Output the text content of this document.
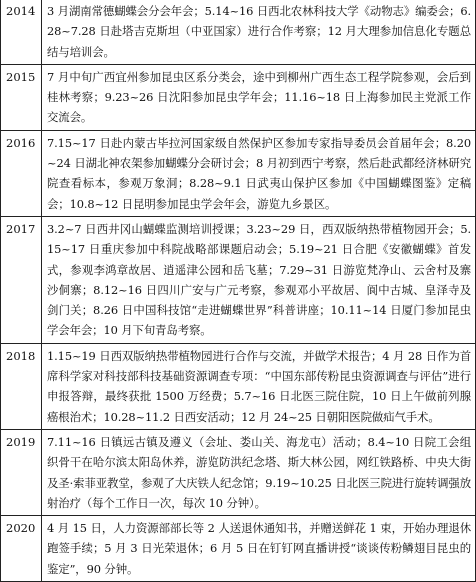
2014	3 月湖南常德蝴蝶会分会年会；5.14~16 日西北农林科技大学《动物志》编委会；6.28~7.28 日赴塔吉克斯坦（中亚国家）进行合作考察；12 月大理参加信息化专题总结与培训会。
2015	7 月中旬广西宜州参加昆虫区系分类会，途中到柳州广西生态工程学院参观，会后到桂林考察；9.23~26 日沈阳参加昆虫学年会；11.16~18 日上海参加民主党派工作交流会。
2016	7.15~17 日赴内蒙古毕拉河国家级自然保护区参加专家指导委员会首届年会；8.20~24 日湖北神农架参加蝴蝶分会研讨会；8 月初到西宁考察，然后赴武都经济林研究院查看标本，参观万象洞；8.28~9.1 日武夷山保护区参加《中国蝴蝶图鉴》定稿会；10.8~12 日昆明参加昆虫学会年会，游览九乡景区。
2017	3.2~7 日西井冈山蝴蝶监测培训授课；3.23~29 日，西双版纳热带植物园开会；5.15~17 日重庆参加中科院战略部课题启动会；5.19~21 日合肥《安徽蝴蝶》首发式，参观李鸿章故居、逍遥津公园和岳飞墓；7.29~31 日游览梵净山、云舍村及寨沙侗寨；8.12~16 日四川广安与广元考察，参观邓小平故居、阆中古城、皇泽寺及剑门关；8.26 日中国科技馆“走进蝴蝶世界”科普讲座；10.11~14 日厦门参加昆虫学会年会；10 月下旬青岛考察。
2018	1.15~19 日西双版纳热带植物园进行合作与交流，并做学术报告；4 月 28 日作为首席科学家对科技部科技基础资源调查专项：“中国东部传粉昆虫资源调查与评估”进行申报答辩，最终获批 1500 万经费；5.7~16 日北医三院住院，10 日上午做前列腺癌根治术；10.28~11.2 日西安活动；12 月 24~25 日朝阳医院做疝气手术。
2019	7.11~16 日镇远古镇及遵义（会址、娄山关、海龙屯）活动；8.4~10 日院工会组织骨干在哈尔滨太阳岛休养，游览防洪纪念塔、斯大林公园，网红铁路桥、中央大街及圣·索菲亚教堂，参观了大庆铁人纪念馆；9.19~10.25 日北医三院进行旋转调强放射治疗（每个工作日一次，每次 10 分钟）。
2020	4 月 15 日，人力资源部部长等 2 人送退休通知书，并赠送鲜花 1 束，开始办理退休跑签手续；5 月 3 日光荣退休；6 月 5 日在钉钉网直播讲授“谈谈传粉鳞翅目昆虫的鉴定”，90 分钟。
